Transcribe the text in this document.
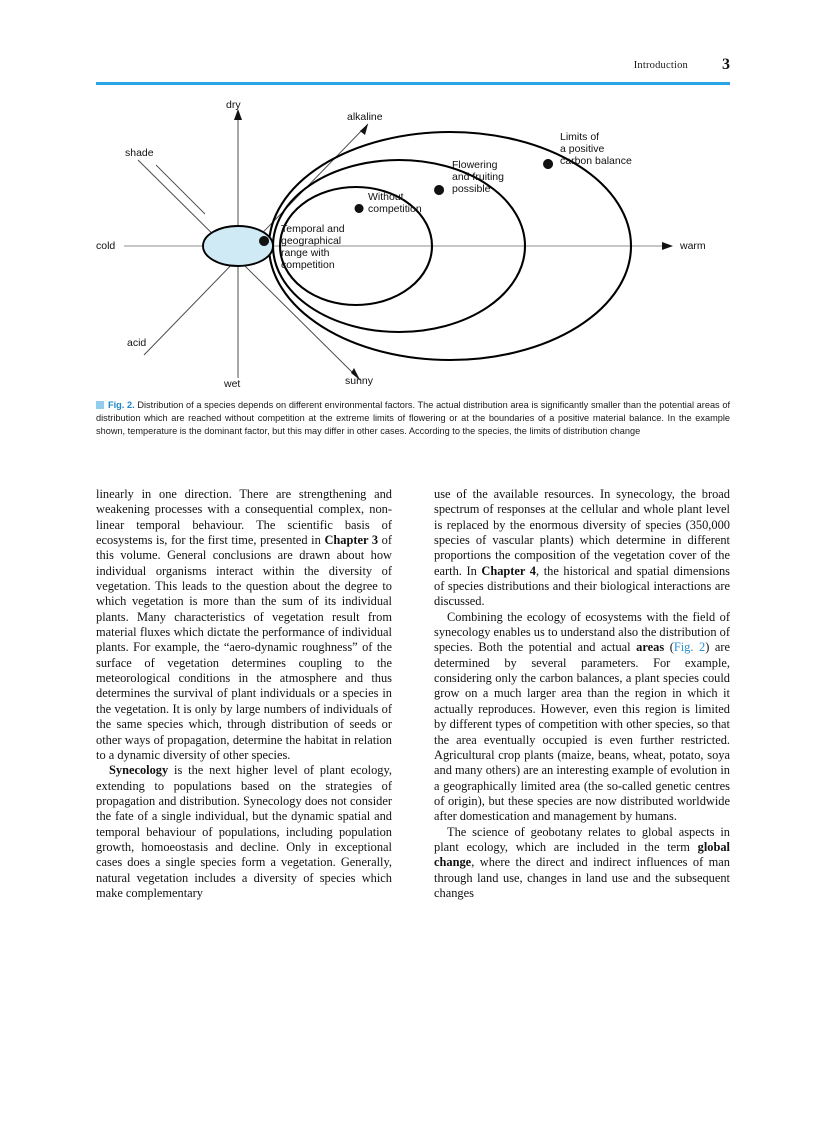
Introduction 3
dry
wet
cold	warm
alkaline
acid
shade
sunny
Temporal and
geographical
range with
competition
Without
competition
Flowering
and fruiting
possible
Limits of
a positive
carbon balance
Fig. 2. Distribution of a species depends on different environmental factors. The actual distribution area is significantly smaller than the potential areas of distribution which are reached without competition at the extreme limits of flowering or at the boundaries of a positive material balance. In the example shown, temperature is the dominant factor, but this may differ in other cases. According to the species, the limits of distribution change

linearly in one direction. There are strengthening and weakening processes with a consequential complex, non-linear temporal behaviour. The scientific basis of ecosystems is, for the first time, presented in Chapter 3 of this volume. General conclusions are drawn about how individual organisms interact within the diversity of vegetation. This leads to the question about the degree to which vegetation is more than the sum of its individual plants. Many characteristics of vegetation result from material fluxes which dictate the performance of individual plants. For example, the “aero-dynamic roughness” of the surface of vegetation determines coupling to the meteorological conditions in the atmosphere and thus determines the survival of plant individuals or a species in the vegetation. It is only by large numbers of individuals of the same species which, through distribution of seeds or other ways of propagation, determine the habitat in relation to a dynamic diversity of other species.

Synecology is the next higher level of plant ecology, extending to populations based on the strategies of propagation and distribution. Synecology does not consider the fate of a single individual, but the dynamic spatial and temporal behaviour of populations, including population growth, homoeostasis and decline. Only in exceptional cases does a single species form a vegetation. Generally, natural vegetation includes a diversity of species which make complementary

use of the available resources. In synecology, the broad spectrum of responses at the cellular and whole plant level is replaced by the enormous diversity of species (350,000 species of vascular plants) which determine in different proportions the composition of the vegetation cover of the earth. In Chapter 4, the historical and spatial dimensions of species distributions and their biological interactions are discussed.

Combining the ecology of ecosystems with the field of synecology enables us to understand also the distribution of species. Both the potential and actual areas (Fig. 2) are determined by several parameters. For example, considering only the carbon balances, a plant species could grow on a much larger area than the region in which it actually reproduces. However, even this region is limited by different types of competition with other species, so that the area eventually occupied is even further restricted. Agricultural crop plants (maize, beans, wheat, potato, soya and many others) are an interesting example of evolution in a geographically limited area (the so-called genetic centres of origin), but these species are now distributed worldwide after domestication and management by humans.

The science of geobotany relates to global aspects in plant ecology, which are included in the term global change, where the direct and indirect influences of man through land use, changes in land use and the subsequent changes
